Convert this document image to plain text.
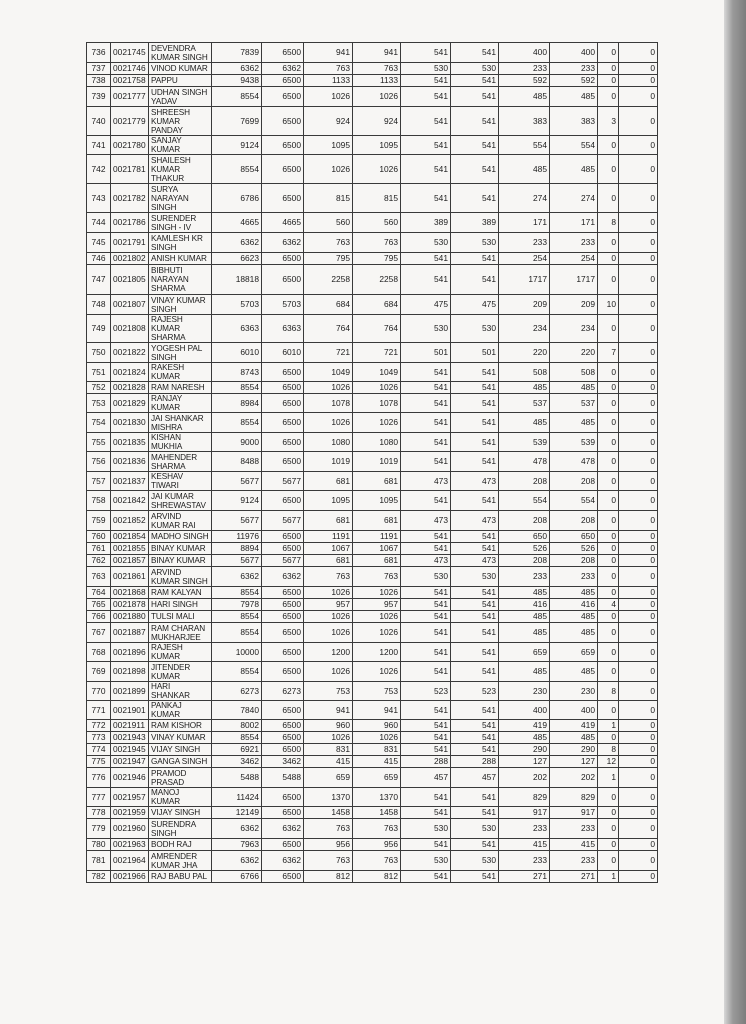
736	0021745	DEVENDRA KUMAR SINGH	7839	6500	941	941	541	541	400	400	0	0
737	0021746	VINOD KUMAR	6362	6362	763	763	530	530	233	233	0	0
738	0021758	PAPPU	9438	6500	1133	1133	541	541	592	592	0	0
739	0021777	UDHAN SINGH YADAV	8554	6500	1026	1026	541	541	485	485	0	0
740	0021779	SHREESH KUMAR PANDAY	7699	6500	924	924	541	541	383	383	3	0
741	0021780	SANJAY KUMAR	9124	6500	1095	1095	541	541	554	554	0	0
742	0021781	SHAILESH KUMAR THAKUR	8554	6500	1026	1026	541	541	485	485	0	0
743	0021782	SURYA NARAYAN SINGH	6786	6500	815	815	541	541	274	274	0	0
744	0021786	SURENDER SINGH - IV	4665	4665	560	560	389	389	171	171	8	0
745	0021791	KAMLESH KR SINGH	6362	6362	763	763	530	530	233	233	0	0
746	0021802	ANISH KUMAR	6623	6500	795	795	541	541	254	254	0	0
747	0021805	BIBHUTI NARAYAN SHARMA	18818	6500	2258	2258	541	541	1717	1717	0	0
748	0021807	VINAY KUMAR SINGH	5703	5703	684	684	475	475	209	209	10	0
749	0021808	RAJESH KUMAR SHARMA	6363	6363	764	764	530	530	234	234	0	0
750	0021822	YOGESH PAL SINGH	6010	6010	721	721	501	501	220	220	7	0
751	0021824	RAKESH KUMAR	8743	6500	1049	1049	541	541	508	508	0	0
752	0021828	RAM NARESH	8554	6500	1026	1026	541	541	485	485	0	0
753	0021829	RANJAY KUMAR	8984	6500	1078	1078	541	541	537	537	0	0
754	0021830	JAI SHANKAR MISHRA	8554	6500	1026	1026	541	541	485	485	0	0
755	0021835	KISHAN MUKHIA	9000	6500	1080	1080	541	541	539	539	0	0
756	0021836	MAHENDER SHARMA	8488	6500	1019	1019	541	541	478	478	0	0
757	0021837	KESHAV TIWARI	5677	5677	681	681	473	473	208	208	0	0
758	0021842	JAI KUMAR SHREWASTAV	9124	6500	1095	1095	541	541	554	554	0	0
759	0021852	ARVIND KUMAR RAI	5677	5677	681	681	473	473	208	208	0	0
760	0021854	MADHO SINGH	11976	6500	1191	1191	541	541	650	650	0	0
761	0021855	BINAY KUMAR	8894	6500	1067	1067	541	541	526	526	0	0
762	0021857	BINAY KUMAR	5677	5677	681	681	473	473	208	208	0	0
763	0021861	ARVIND KUMAR SINGH	6362	6362	763	763	530	530	233	233	0	0
764	0021868	RAM KALYAN	8554	6500	1026	1026	541	541	485	485	0	0
765	0021878	HARI SINGH	7978	6500	957	957	541	541	416	416	4	0
766	0021880	TULSI MALI	8554	6500	1026	1026	541	541	485	485	0	0
767	0021887	RAM CHARAN MUKHARJEE	8554	6500	1026	1026	541	541	485	485	0	0
768	0021896	RAJESH KUMAR	10000	6500	1200	1200	541	541	659	659	0	0
769	0021898	JITENDER KUMAR	8554	6500	1026	1026	541	541	485	485	0	0
770	0021899	HARI SHANKAR	6273	6273	753	753	523	523	230	230	8	0
771	0021901	PANKAJ KUMAR	7840	6500	941	941	541	541	400	400	0	0
772	0021911	RAM KISHOR	8002	6500	960	960	541	541	419	419	1	0
773	0021943	VINAY KUMAR	8554	6500	1026	1026	541	541	485	485	0	0
774	0021945	VIJAY SINGH	6921	6500	831	831	541	541	290	290	8	0
775	0021947	GANGA SINGH	3462	3462	415	415	288	288	127	127	12	0
776	0021946	PRAMOD PRASAD	5488	5488	659	659	457	457	202	202	1	0
777	0021957	MANOJ KUMAR	11424	6500	1370	1370	541	541	829	829	0	0
778	0021959	VIJAY SINGH	12149	6500	1458	1458	541	541	917	917	0	0
779	0021960	SURENDRA SINGH	6362	6362	763	763	530	530	233	233	0	0
780	0021963	BODH RAJ	7963	6500	956	956	541	541	415	415	0	0
781	0021964	AMRENDER KUMAR JHA	6362	6362	763	763	530	530	233	233	0	0
782	0021966	RAJ BABU PAL	6766	6500	812	812	541	541	271	271	1	0
